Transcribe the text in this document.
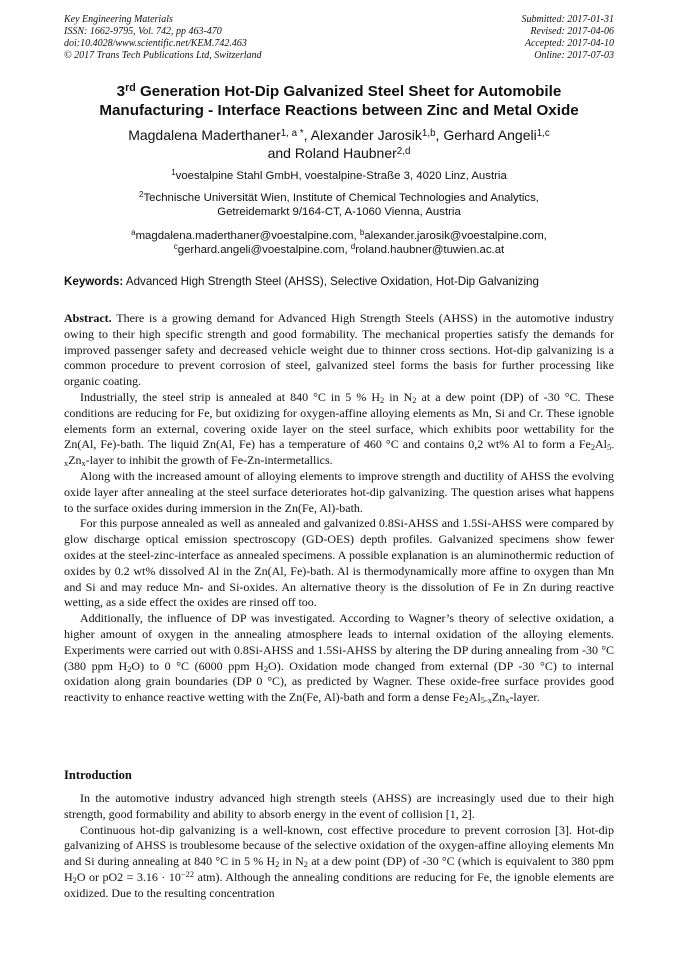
Key Engineering Materials
ISSN: 1662-9795, Vol. 742, pp 463-470
doi:10.4028/www.scientific.net/KEM.742.463
© 2017 Trans Tech Publications Ltd, Switzerland
Submitted: 2017-01-31
Revised: 2017-04-06
Accepted: 2017-04-10
Online: 2017-07-03
3rd Generation Hot-Dip Galvanized Steel Sheet for Automobile
Manufacturing - Interface Reactions between Zinc and Metal Oxide
Magdalena Maderthaner$^{1, a *}$, Alexander Jarosik$^{1,b}$, Gerhard Angeli$^{1,c}$
and Roland Haubner$^{2,d}$
$^1$voestalpine Stahl GmbH, voestalpine-Straße 3, 4020 Linz, Austria
$^2$Technische Universität Wien, Institute of Chemical Technologies and Analytics,
Getreidemarkt 9/164-CT, A-1060 Vienna, Austria
$^a$magdalena.maderthaner@voestalpine.com, $^b$alexander.jarosik@voestalpine.com,
$^c$gerhard.angeli@voestalpine.com, $^d$roland.haubner@tuwien.ac.at
Keywords: Advanced High Strength Steel (AHSS), Selective Oxidation, Hot-Dip Galvanizing

Abstract. There is a growing demand for Advanced High Strength Steels (AHSS) in the automotive industry owing to their high specific strength and good formability. The mechanical properties satisfy the demands for improved passenger safety and decreased vehicle weight due to thinner cross sections. Hot-dip galvanizing is a common procedure to prevent corrosion of steel, galvanized steel forms the basis for further processing like organic coating.

Industrially, the steel strip is annealed at 840 °C in 5 % $H_2$ in $N_2$ at a dew point (DP) of -30 °C. These conditions are reducing for Fe, but oxidizing for oxygen-affine alloying elements as Mn, Si and Cr. These ignoble elements form an external, covering oxide layer on the steel surface, which exhibits poor wettability for the Zn(Al, Fe)-bath. The liquid Zn(Al, Fe) has a temperature of 460 °C and contains 0,2 wt% Al to form a $Fe_2Al_{5-x}Zn_x$-layer to inhibit the growth of Fe-Zn-intermetallics.

Along with the increased amount of alloying elements to improve strength and ductility of AHSS the evolving oxide layer after annealing at the steel surface deteriorates hot-dip galvanizing. The question arises what happens to the surface oxides during immersion in the Zn(Fe, Al)-bath.

For this purpose annealed as well as annealed and galvanized 0.8Si-AHSS and 1.5Si-AHSS were compared by glow discharge optical emission spectroscopy (GD-OES) depth profiles. Galvanized specimens show fewer oxides at the steel-zinc-interface as annealed specimens. A possible explanation is an aluminothermic reduction of oxides by 0.2 wt% dissolved Al in the Zn(Al, Fe)-bath. Al is thermodynamically more affine to oxygen than Mn and Si and may reduce Mn- and Si-oxides. An alternative theory is the dissolution of Fe in Zn during reactive wetting, as a side effect the oxides are rinsed off too.

Additionally, the influence of DP was investigated. According to Wagner’s theory of selective oxidation, a higher amount of oxygen in the annealing atmosphere leads to internal oxidation of the alloying elements. Experiments were carried out with 0.8Si-AHSS and 1.5Si-AHSS by altering the DP during annealing from -30 °C (380 ppm $H_2O$) to 0 °C (6000 ppm $H_2O$). Oxidation mode changed from external (DP -30 °C) to internal oxidation along grain boundaries (DP 0 °C), as predicted by Wagner. These oxide-free surface provides good reactivity to enhance reactive wetting with the Zn(Fe, Al)-bath and form a dense $Fe_2Al_{5-x}Zn_x$-layer.

Introduction

In the automotive industry advanced high strength steels (AHSS) are increasingly used due to their high strength, good formability and ability to absorb energy in the event of collision [1, 2].

Continuous hot-dip galvanizing is a well-known, cost effective procedure to prevent corrosion [3]. Hot-dip galvanizing of AHSS is troublesome because of the selective oxidation of the oxygen-affine alloying elements Mn and Si during annealing at 840 °C in 5 % $H_2$ in $N_2$ at a dew point (DP) of -30 °C (which is equivalent to 380 ppm $H_2O$ or $pO2 = 3.16 \cdot 10^{-22}$ atm). Although the annealing conditions are reducing for Fe, the ignoble elements are oxidized. Due to the resulting concentration
